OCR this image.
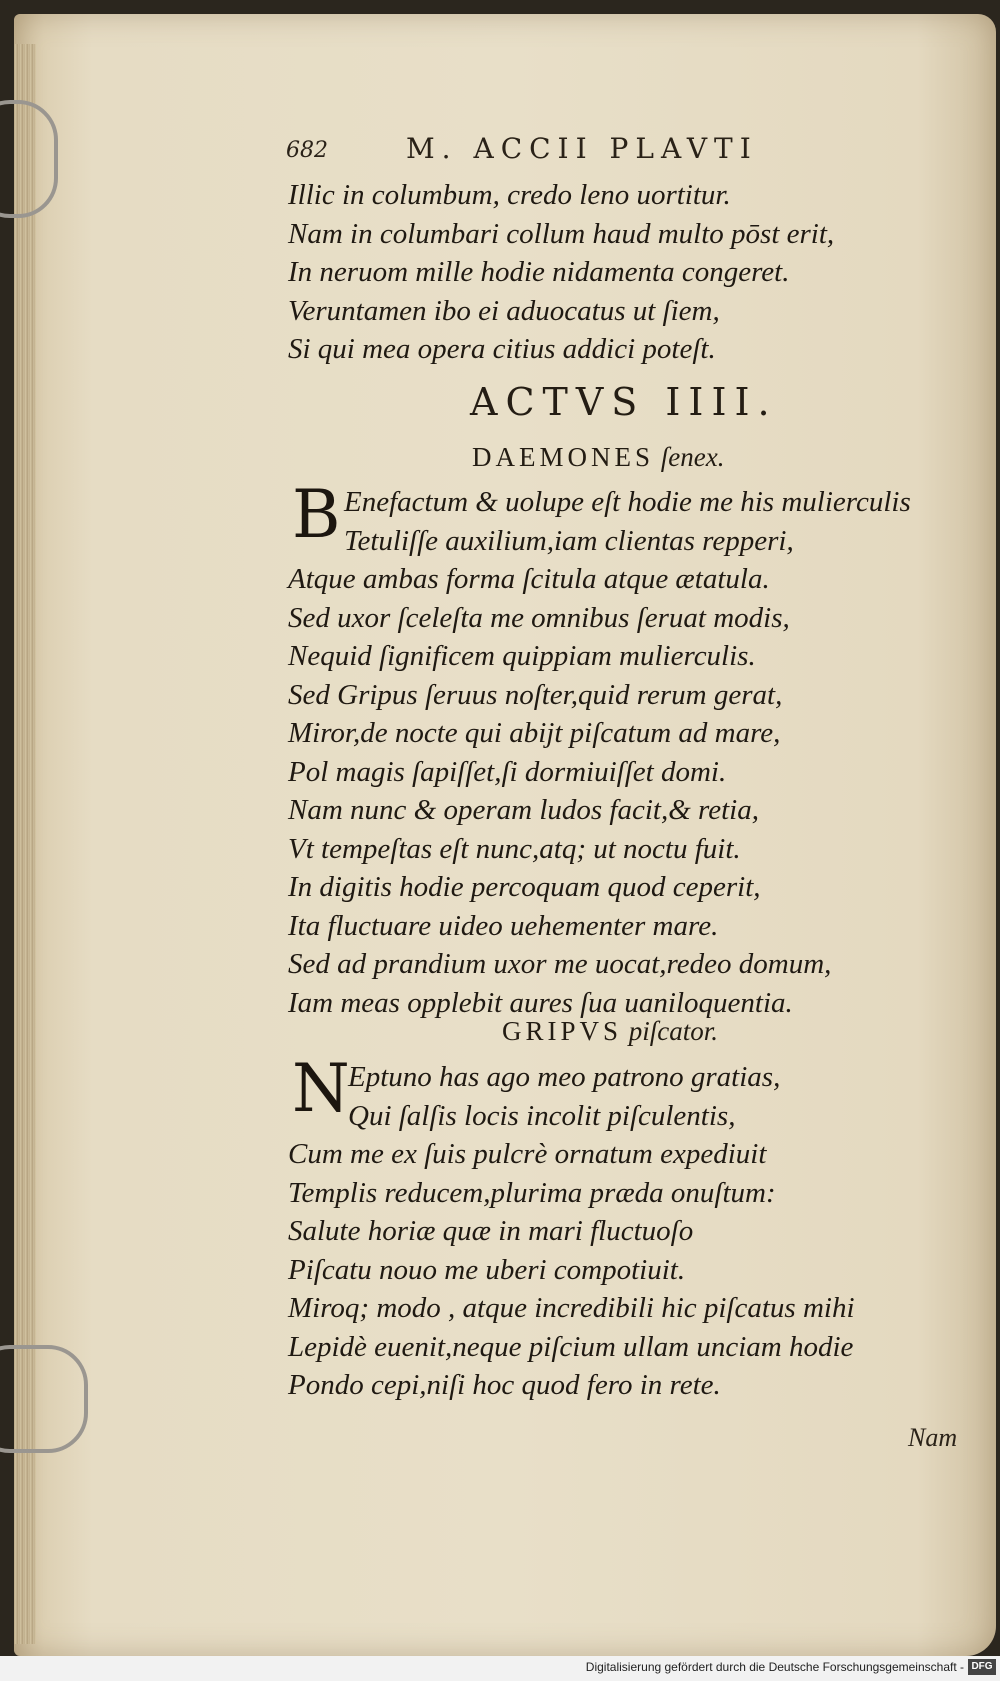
682	M. ACCII PLAVTI
Illic in columbum, credo leno uortitur.
Nam in columbari collum haud multo pōst erit,
In neruom mille hodie nidamenta congeret.
Veruntamen ibo ei aduocatus ut ſiem,
Si qui mea opera citius addici poteſt.
ACTVS IIII.
DAEMONES ſenex.
B Enefactum & uolupe eſt hodie me his mulierculis
Tetuliſſe auxilium,iam clientas repperi,
Atque ambas forma ſcitula atque ætatula.
Sed uxor ſceleſta me omnibus ſeruat modis,
Nequid ſignificem quippiam mulierculis.
Sed Gripus ſeruus noſter,quid rerum gerat,
Miror,de nocte qui abijt piſcatum ad mare,
Pol magis ſapiſſet,ſi dormiuiſſet domi.
Nam nunc & operam ludos facit,& retia,
Vt tempeſtas eſt nunc,atq; ut noctu fuit.
In digitis hodie percoquam quod ceperit,
Ita fluctuare uideo uehementer mare.
Sed ad prandium uxor me uocat,redeo domum,
Iam meas opplebit aures ſua uaniloquentia.
GRIPVS piſcator.
N
Eptuno has ago meo patrono gratias,
Qui ſalſis locis incolit piſculentis,
Cum me ex ſuis pulcrè ornatum expediuit
Templis reducem,plurima præda onuſtum:
Salute horiæ quæ in mari fluctuoſo
Piſcatu nouo me uberi compotiuit.
Miroq; modo , atque incredibili hic piſcatus mihi
Lepidè euenit,neque piſcium ullam unciam hodie
Pondo cepi,niſi hoc quod fero in rete.
Nam
Digitalisierung gefördert durch die Deutsche Forschungsgemeinschaft - DFG
